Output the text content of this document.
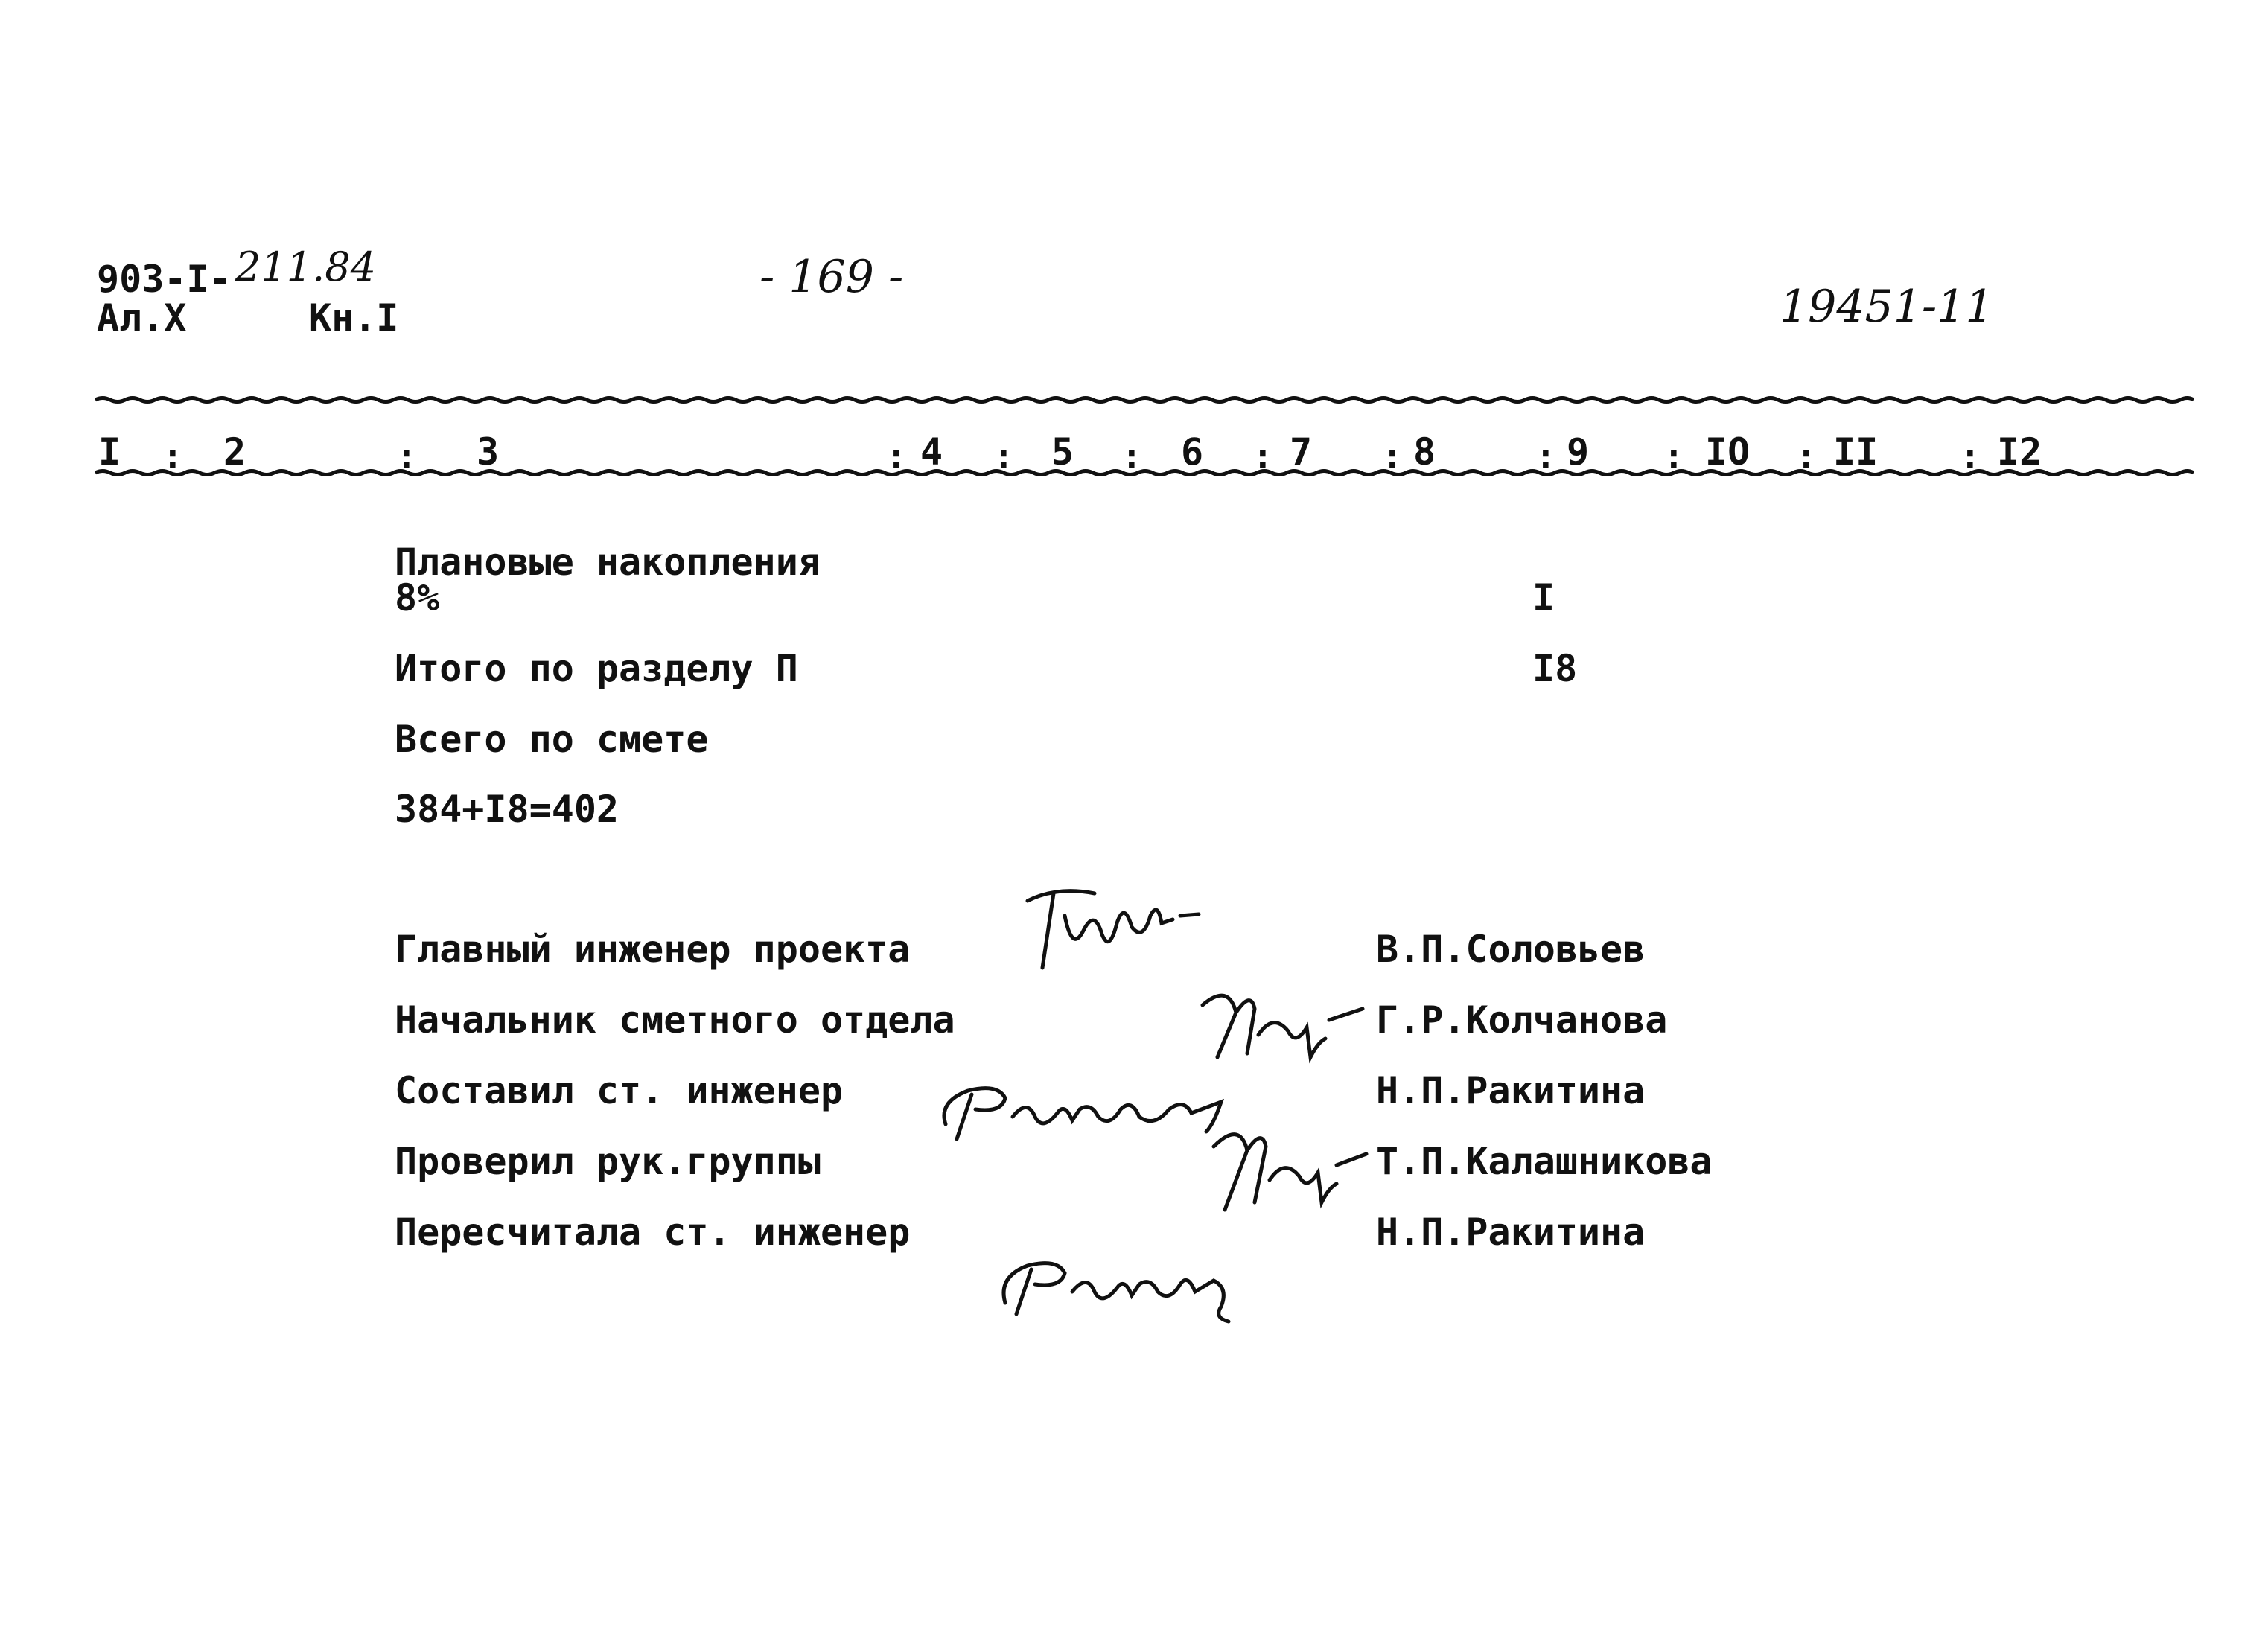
903-I- 211.84
Ал.X	Кн.I
- 169 -
19451-11
I : 2	: 3	: 4 : 5 : 6 : 7 : 8	: 9 : IO : II : I2
Плановые накопления
8%	I
Итого по разделу П	I8
Всего по смете
384+I8=402
Главный инженер проекта	В.П.Соловьев
Начальник сметного отдела	Г.Р.Колчанова
Составил ст. инженер	Н.П.Ракитина
Проверил рук.группы	Т.П.Калашникова
Пересчитала ст. инженер	Н.П.Ракитина
